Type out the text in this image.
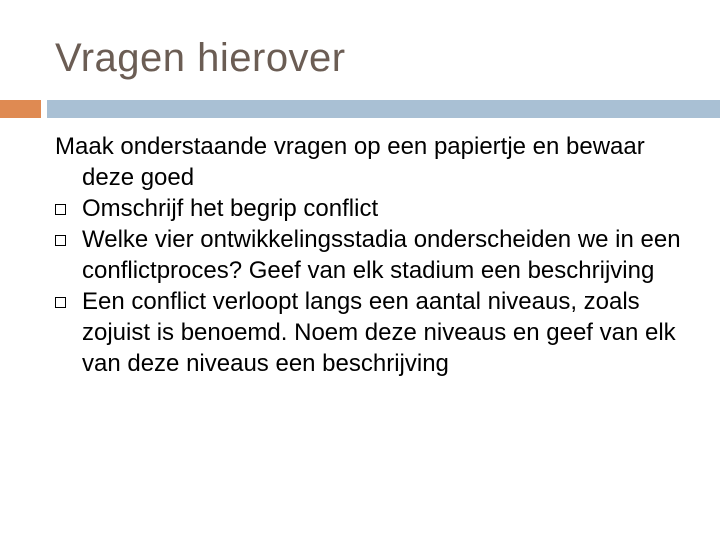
Vragen hierover

Maak onderstaande vragen op een papiertje en bewaar deze goed

Omschrijf het begrip conflict
Welke vier ontwikkelingsstadia onderscheiden we in een conflictproces? Geef van elk stadium een beschrijving
Een conflict verloopt langs een aantal niveaus, zoals zojuist is benoemd. Noem deze niveaus en geef van elk van deze niveaus een beschrijving
